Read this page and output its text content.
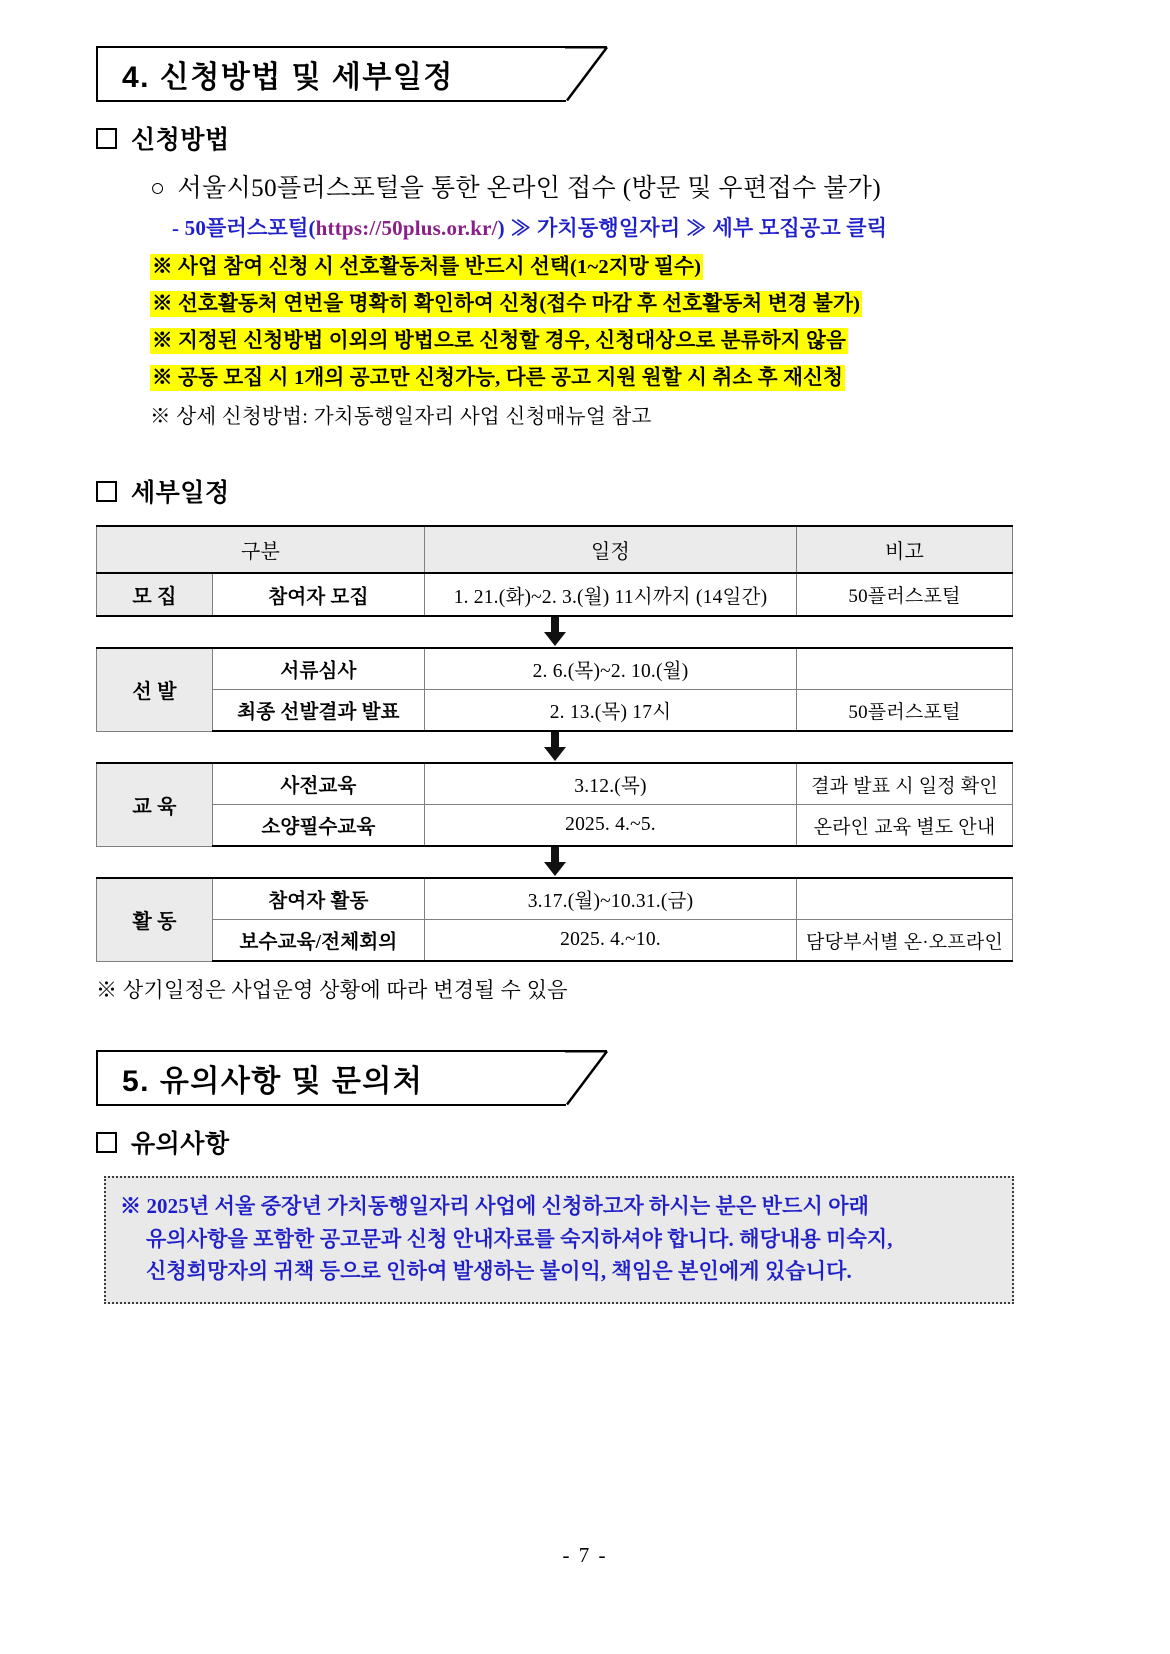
4. 신청방법 및 세부일정
신청방법
○ 서울시50플러스포털을 통한 온라인 접수 (방문 및 우편접수 불가)
- 50플러스포털(https://50plus.or.kr/) ≫ 가치동행일자리 ≫ 세부 모집공고 클릭
※ 사업 참여 신청 시 선호활동처를 반드시 선택(1~2지망 필수)
※ 선호활동처 연번을 명확히 확인하여 신청(접수 마감 후 선호활동처 변경 불가)
※ 지정된 신청방법 이외의 방법으로 신청할 경우, 신청대상으로 분류하지 않음
※ 공동 모집 시 1개의 공고만 신청가능, 다른 공고 지원 원할 시 취소 후 재신청
※ 상세 신청방법: 가치동행일자리 사업 신청매뉴얼 참고
세부일정
구분		일정	비고
모 집	참여자 모집	1. 21.(화)~2. 3.(월) 11시까지 (14일간)	50플러스포털

선 발	서류심사	2. 6.(목)~2. 10.(월)	
	최종 선발결과 발표	2. 13.(목) 17시	50플러스포털

교 육	사전교육	3.12.(목)	결과 발표 시 일정 확인
	소양필수교육	2025. 4.~5.	온라인 교육 별도 안내

활 동	참여자 활동	3.17.(월)~10.31.(금)	
	보수교육/전체회의	2025. 4.~10.	담당부서별 온·오프라인
※ 상기일정은 사업운영 상황에 따라 변경될 수 있음
5. 유의사항 및 문의처
유의사항

※ 2025년 서울 중장년 가치동행일자리 사업에 신청하고자 하시는 분은 반드시 아래

유의사항을 포함한 공고문과 신청 안내자료를 숙지하셔야 합니다. 해당내용 미숙지,

신청희망자의 귀책 등으로 인하여 발생하는 불이익, 책임은 본인에게 있습니다.

- 7 -
